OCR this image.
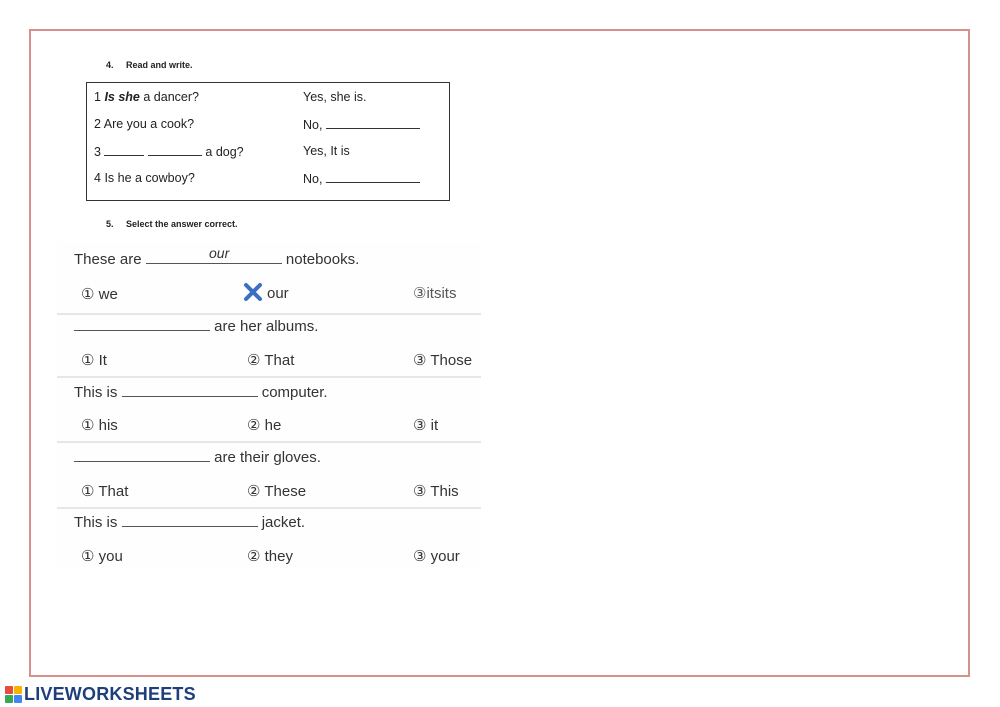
4. Read and write.
1 Is she a dancer?	Yes, she is.
2 Are you a cook?	No,
3	a dog?	Yes, It is
4 Is he a cowboy?	No,
5. Select the answer correct.
These are	notebooks.
our
① we	our	③itsits
are her albums.
① It	② That	③ Those
This is	computer.
① his	② he	③ it
are their gloves.
① That	② These	③ This
This is	jacket.
① you	② they	③ your
LIVEWORKSHEETS
